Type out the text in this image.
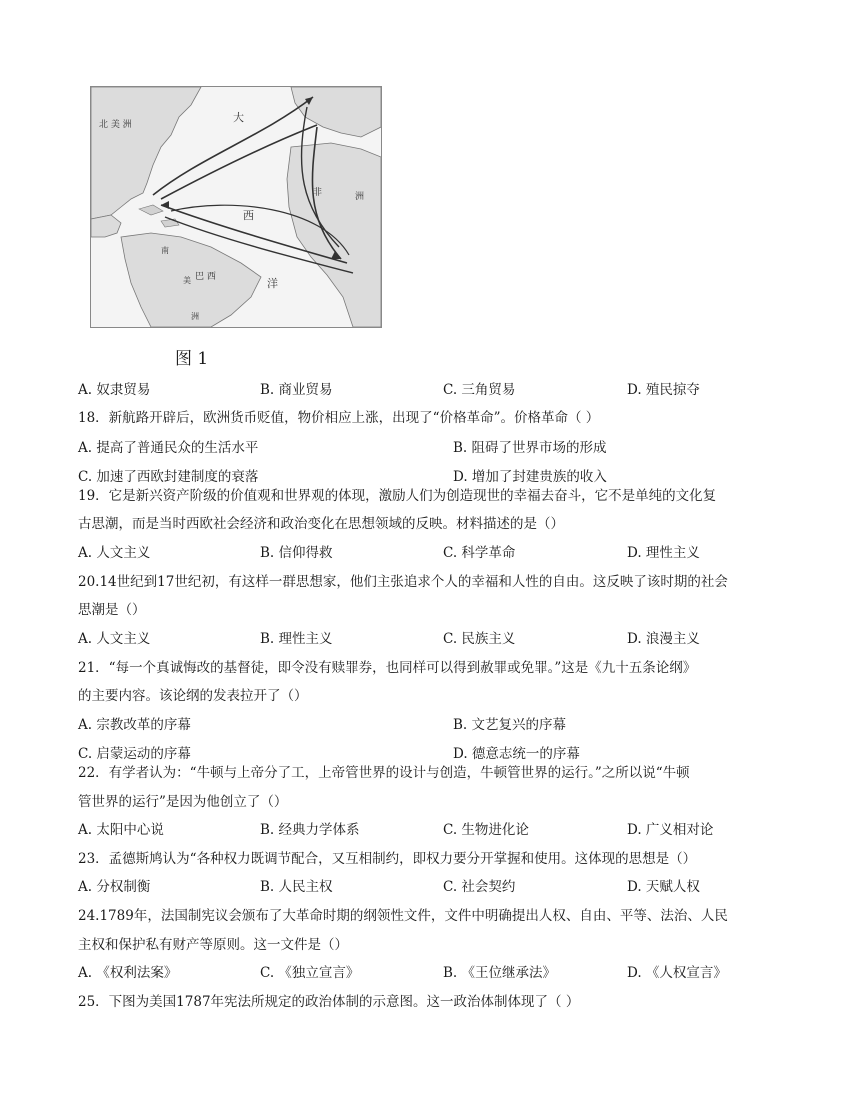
北 美 洲
大
西
洋
非	洲
南
美
洲
巴 西
图 1
A. 奴隶贸易	B. 商业贸易	C. 三角贸易	D. 殖民掠夺
18．新航路开辟后，欧洲货币贬值，物价相应上涨，出现了“价格革命”。价格革命（ ）
A. 提高了普通民众的生活水平	B. 阻碍了世界市场的形成
C. 加速了西欧封建制度的衰落	D. 增加了封建贵族的收入
19．它是新兴资产阶级的价值观和世界观的体现，激励人们为创造现世的幸福去奋斗，它不是单纯的文化复
古思潮，而是当时西欧社会经济和政治变化在思想领域的反映。材料描述的是（）
A. 人文主义	B. 信仰得救	C. 科学革命	D. 理性主义
20.14世纪到17世纪初，有这样一群思想家，他们主张追求个人的幸福和人性的自由。这反映了该时期的社会
思潮是（）
A. 人文主义	B. 理性主义	C. 民族主义	D. 浪漫主义
21．“每一个真诚悔改的基督徒，即令没有赎罪券，也同样可以得到赦罪或免罪。”这是《九十五条论纲》
的主要内容。该论纲的发表拉开了（）
A. 宗教改革的序幕	B. 文艺复兴的序幕
C. 启蒙运动的序幕	D. 德意志统一的序幕
22．有学者认为：“牛顿与上帝分了工，上帝管世界的设计与创造，牛顿管世界的运行。”之所以说“牛顿
管世界的运行”是因为他创立了（）
A. 太阳中心说	B. 经典力学体系	C. 生物进化论	D. 广义相对论
23．孟德斯鸠认为“各种权力既调节配合，又互相制约，即权力要分开掌握和使用。这体现的思想是（）
A. 分权制衡	B. 人民主权	C. 社会契约	D. 天赋人权
24.1789年，法国制宪议会颁布了大革命时期的纲领性文件，文件中明确提出人权、自由、平等、法治、人民
主权和保护私有财产等原则。这一文件是（）
A. 《权利法案》	C. 《独立宣言》	B. 《王位继承法》	D. 《人权宣言》
25．下图为美国1787年宪法所规定的政治体制的示意图。这一政治体制体现了（ ）
